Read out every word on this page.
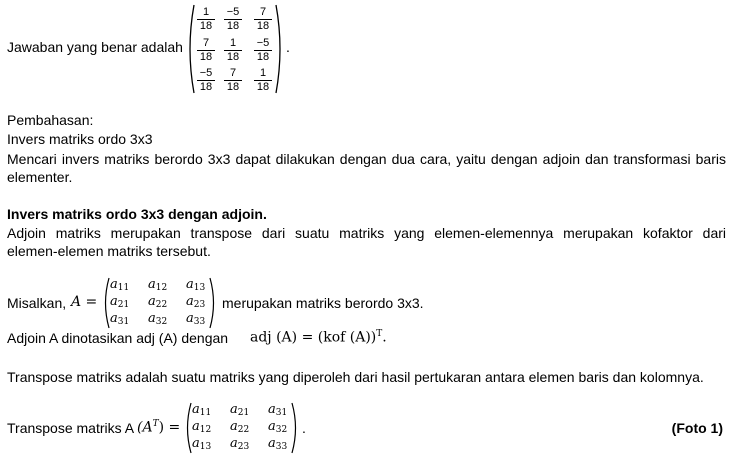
Jawaban yang benar adalah
$\frac{1}{18} \frac{-5}{18} \frac{7}{18}$
$\frac{7}{18} \frac{1}{18} \frac{-5}{18}$
$\frac{-5}{18} \frac{7}{18} \frac{1}{18}$
.
Pembahasan:
Invers matriks ordo 3x3
Mencari invers matriks berordo 3x3 dapat dilakukan dengan dua cara, yaitu dengan adjoin dan transformasi baris
elementer.
Invers matriks ordo 3x3 dengan adjoin.
Adjoin matriks merupakan transpose dari suatu matriks yang elemen-elemennya merupakan kofaktor dari
elemen-elemen matriks tersebut.
Misalkan, A =
$a_{11}$ $a_{12}$ $a_{13}$
$a_{21}$ $a_{22}$ $a_{23}$
$a_{31}$ $a_{32}$ $a_{33}$
merupakan matriks berordo 3x3.
Adjoin A dinotasikan adj (A) dengan adj (A) = (kof (A))$^T$.
Transpose matriks adalah suatu matriks yang diperoleh dari hasil pertukaran antara elemen baris dan kolomnya.
Transpose matriks A $(A^T)$ =
$a_{11}$ $a_{21}$ $a_{31}$
$a_{12}$ $a_{22}$ $a_{32}$
$a_{13}$ $a_{23}$ $a_{33}$
.	(Foto 1)
